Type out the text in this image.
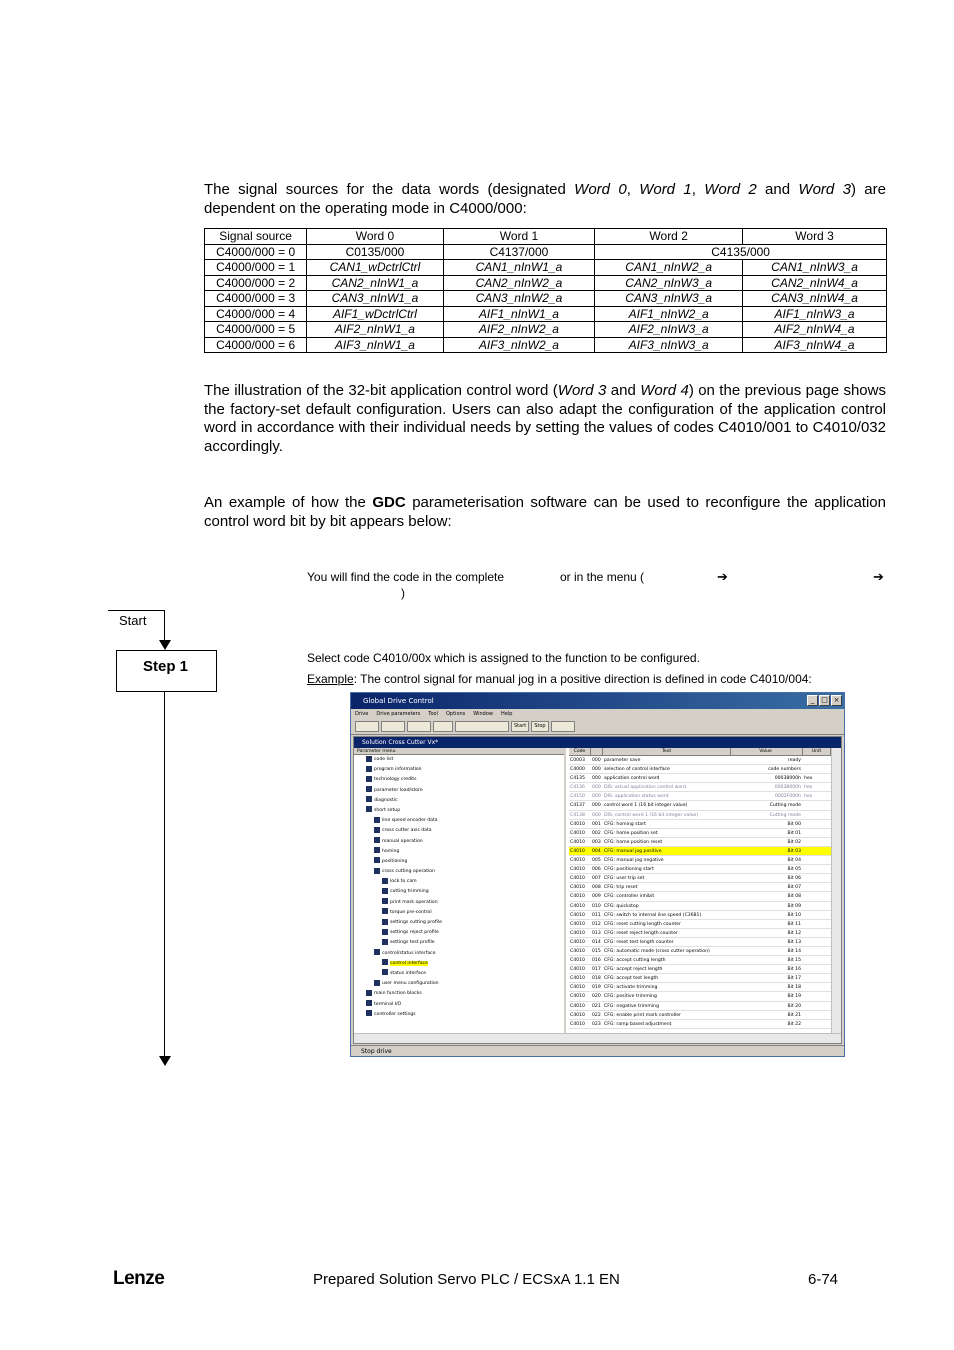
The signal sources for the data words (designated Word 0, Word 1, Word 2 and Word 3) are dependent on the operating mode in C4000/000:
Signal source	Word 0	Word 1	Word 2	Word 3
C4000/000 = 0	C0135/000	C4137/000	C4135/000	
C4000/000 = 1	CAN1_wDctrlCtrl	CAN1_nInW1_a	CAN1_nInW2_a	CAN1_nInW3_a
C4000/000 = 2	CAN2_nInW1_a	CAN2_nInW2_a	CAN2_nInW3_a	CAN2_nInW4_a
C4000/000 = 3	CAN3_nInW1_a	CAN3_nInW2_a	CAN3_nInW3_a	CAN3_nInW4_a
C4000/000 = 4	AIF1_wDctrlCtrl	AIF1_nInW1_a	AIF1_nInW2_a	AIF1_nInW3_a
C4000/000 = 5	AIF2_nInW1_a	AIF2_nInW2_a	AIF2_nInW3_a	AIF2_nInW4_a
C4000/000 = 6	AIF3_nInW1_a	AIF3_nInW2_a	AIF3_nInW3_a	AIF3_nInW4_a
The illustration of the 32-bit application control word (Word 3 and Word 4) on the previous page shows the factory-set default configuration. Users can also adapt the configuration of the application control word in accordance with their individual needs by setting the values of codes C4010/001 to C4010/032 accordingly.
An example of how the GDC parameterisation software can be used to reconfigure the application control word bit by bit appears below:
You will find the code in the complete	or in the menu (	➔	➔
)
Start
Step 1	Select code C4010/00x which is assigned to the function to be configured.
Example: The control signal for manual jog in a positive direction is defined in code C4010/004:
Global Drive Control	_ □ ×
Drive Drive parameters Tool Options Window Help
Start	Stop
Solution Cross Cutter Vx*
Parameter menu
code list
program information
technology credits
parameter load/store
diagnostic
short setup
line speed encoder data
cross cutter axis data
manual operation
homing
positioning
cross cutting operation
lock to cam
cutting trimming
print mark operation
torque pre-control
settings cutting profile
settings reject profile
settings test profile
control/status interface
control interface
status interface
user menu configuration
main function blocks
terminal I/O
controller settings
Code	Text	Value	Unit
C0003	000 parameter save	ready
C4000	000 selection of control interface	code numbers
C4135	000 application control word	00038000h hex
C4136	000 DIS: actual application control word	00038000h hex
C4150	000 DIS: application status word	0002F000h hex
C4137	000 control word 1 (16 bit integer value)	Cutting mode
C4138	000 DIS: control word 1 (16 bit integer value)	Cutting mode
C4010	001 CFG: homing start	Bit 00
C4010	002 CFG: home position set	Bit 01
C4010	003 CFG: home position reset	Bit 02
C4010	004 CFG: manual jog positive	Bit 03
C4010	005 CFG: manual jog negative	Bit 04
C4010	006 CFG: positioning start	Bit 05
C4010	007 CFG: user trip set	Bit 06
C4010	008 CFG: trip reset	Bit 07
C4010	009 CFG: controller inhibit	Bit 08
C4010	010 CFG: quickstop	Bit 09
C4010	011 CFG: switch to internal line speed (C3681)	Bit 10
C4010	012 CFG: reset cutting length counter	Bit 11
C4010	013 CFG: reset reject length counter	Bit 12
C4010	014 CFG: reset test length counter	Bit 13
C4010	015 CFG: automatic mode (cross cutter operation)	Bit 14
C4010	016 CFG: accept cutting length	Bit 15
C4010	017 CFG: accept reject length	Bit 16
C4010	018 CFG: accept test length	Bit 17
C4010	019 CFG: activate trimming	Bit 18
C4010	020 CFG: positive trimming	Bit 19
C4010	021 CFG: negative trimming	Bit 20
C4010	022 CFG: enable print mark controller	Bit 21
C4010	023 CFG: ramp based adjustment	Bit 22
Stop drive
Lenze	Prepared Solution Servo PLC / ECSxA 1.1 EN	6-74
